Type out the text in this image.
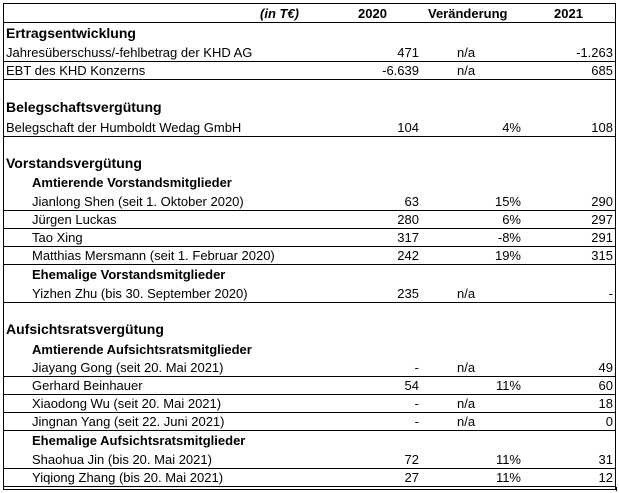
(in T€)	2020	Veränderung	2021
Ertragsentwicklung
Jahresüberschuss/-fehlbetrag der KHD AG	471	n/a	-1.263
EBT des KHD Konzerns	-6.639	n/a	685
Belegschaftsvergütung
Belegschaft der Humboldt Wedag GmbH	104	4%	108
Vorstandsvergütung
Amtierende Vorstandsmitglieder
Jianlong Shen (seit 1. Oktober 2020)	63	15%	290
Jürgen Luckas	280	6%	297
Tao Xing	317	-8%	291
Matthias Mersmann (seit 1. Februar 2020)	242	19%	315
Ehemalige Vorstandsmitglieder
Yizhen Zhu (bis 30. September 2020)	235	n/a	-
Aufsichtsratsvergütung
Amtierende Aufsichtsratsmitglieder
Jiayang Gong (seit 20. Mai 2021)	-	n/a	49
Gerhard Beinhauer	54	11%	60
Xiaodong Wu (seit 20. Mai 2021)	-	n/a	18
Jingnan Yang (seit 22. Juni 2021)	-	n/a	0
Ehemalige Aufsichtsratsmitglieder
Shaohua Jin (bis 20. Mai 2021)	72	11%	31
Yiqiong Zhang (bis 20. Mai 2021)	27	11%	12
